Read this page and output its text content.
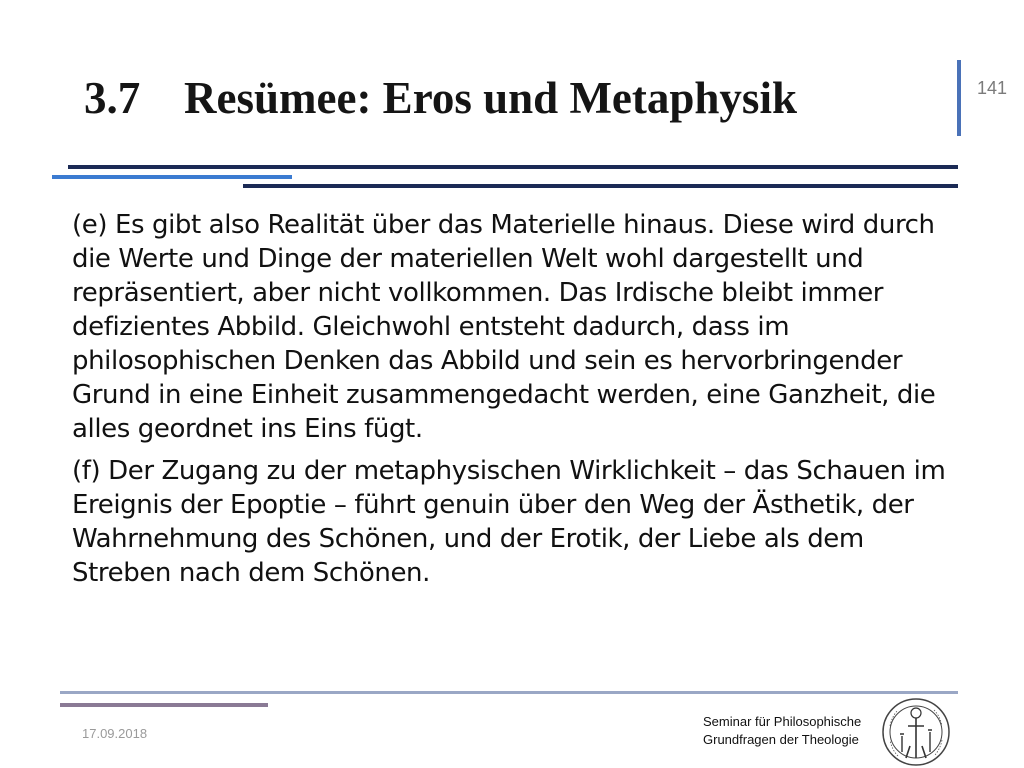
3.7 Resümee: Eros und Metaphysik	141

(e) Es gibt also Realität über das Materielle hinaus. Diese wird durch die Werte und Dinge der materiellen Welt wohl dargestellt und repräsentiert, aber nicht vollkommen. Das Irdische bleibt immer defizientes Abbild. Gleichwohl entsteht dadurch, dass im philosophischen Denken das Abbild und sein es hervorbringender Grund in eine Einheit zusammengedacht werden, eine Ganzheit, die alles geordnet ins Eins fügt.

(f) Der Zugang zu der metaphysischen Wirklichkeit – das Schauen im Ereignis der Epoptie – führt genuin über den Weg der Ästhetik, der Wahrnehmung des Schönen, und der Erotik, der Liebe als dem Streben nach dem Schönen.

17.09.2018
Seminar für Philosophische
Grundfragen der Theologie
